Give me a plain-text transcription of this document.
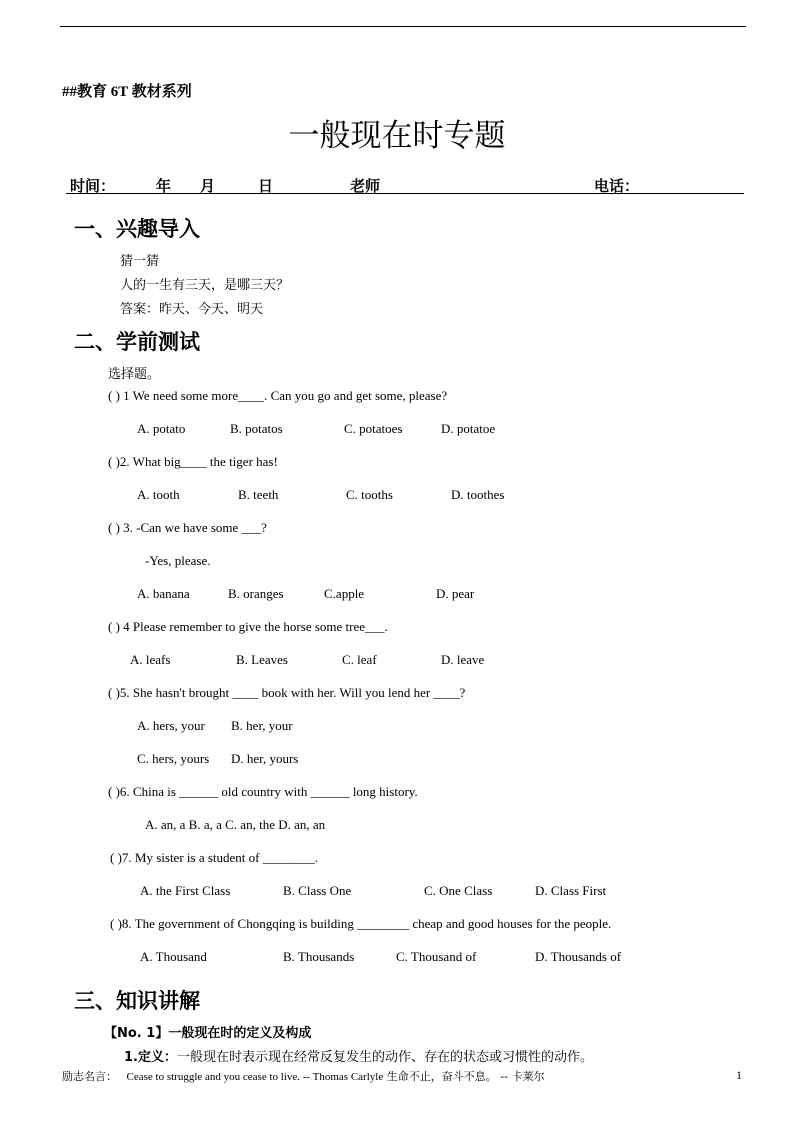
##教育 6T 教材系列
一般现在时专题
时间：	年 月	日	老师	电话：
一、兴趣导入
猜一猜
人的一生有三天，是哪三天？
答案：昨天、今天、明天
二、学前测试
选择题。
( ) 1 We need some more____. Can you go and get some, please?
A. potato	B. potatos	C. potatoes	D. potatoe
( )2. What big____ the tiger has!
A. tooth	B. teeth	C. tooths	D. toothes
( ) 3. -Can we have some ___?
-Yes, please.
A. banana	B. oranges	C.apple	D. pear
( ) 4 Please remember to give the horse some tree___.
A. leafs	B. Leaves	C. leaf	D. leave
( )5. She hasn't brought ____ book with her. Will you lend her ____?
A. hers, your B. her, your
C. hers, yours D. her, yours
( )6. China is ______ old country with ______ long history.
A. an, a B. a, a C. an, the D. an, an
( )7. My sister is a student of ________.
A. the First Class	B. Class One	C. One Class	D. Class First
( )8. The government of Chongqing is building ________ cheap and good houses for the people.
A. Thousand	B. Thousands	C. Thousand of	D. Thousands of
三、知识讲解
【No. 1】一般现在时的定义及构成
1.定义：一般现在时表示现在经常反复发生的动作、存在的状态或习惯性的动作。
励志名言： Cease to struggle and you cease to live. -- Thomas Carlyle 生命不止，奋斗不息。 -- 卡莱尔	1
